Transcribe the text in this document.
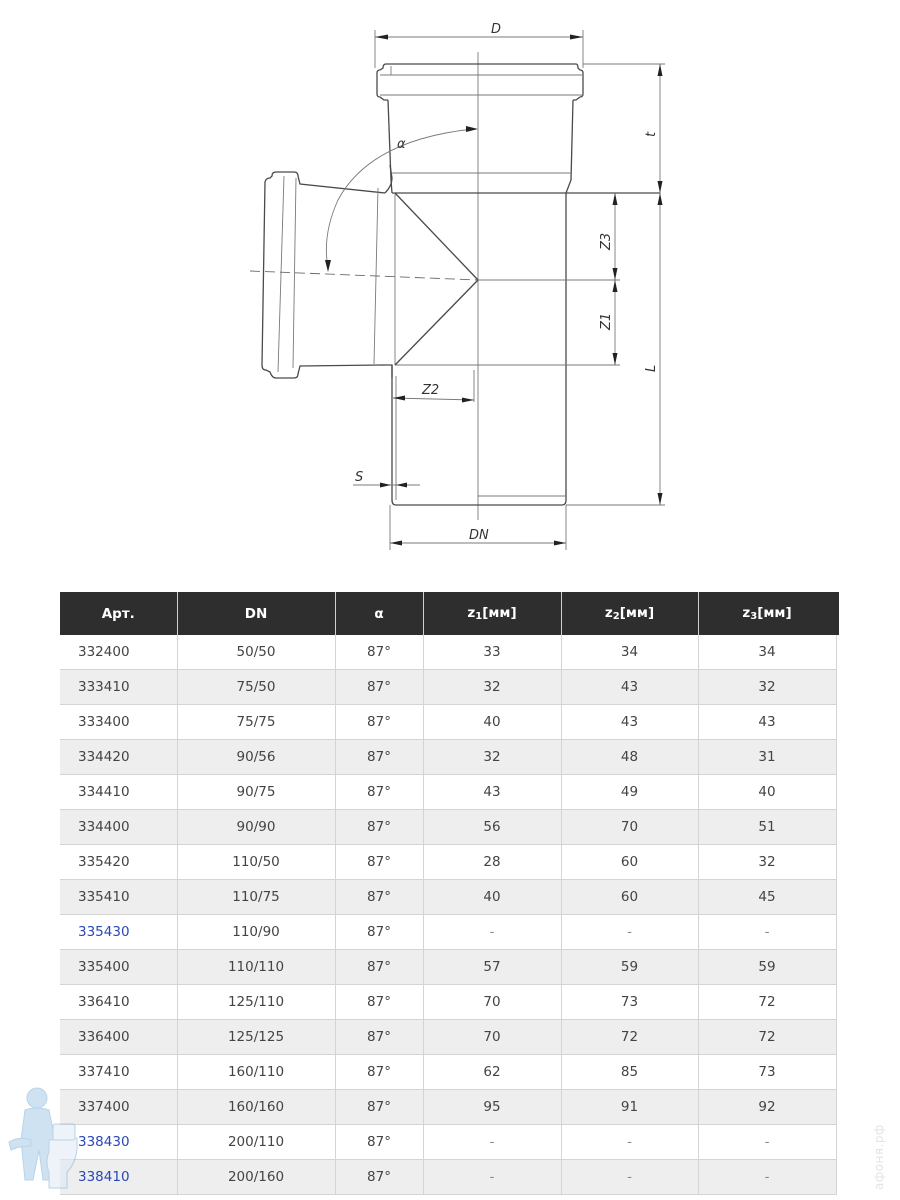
D
α
t
L
Z3
Z1
Z2
S
DN
Арт.	DN	α	$z_1[мм]$	$z_2[мм]$	$z_3[мм]$
332400	50/50	87°	33	34	34
333410	75/50	87°	32	43	32
333400	75/75	87°	40	43	43
334420	90/56	87°	32	48	31
334410	90/75	87°	43	49	40
334400	90/90	87°	56	70	51
335420	110/50	87°	28	60	32
335410	110/75	87°	40	60	45
335430	110/90	87°	-	-	-
335400	110/110	87°	57	59	59
336410	125/110	87°	70	73	72
336400	125/125	87°	70	72	72
337410	160/110	87°	62	85	73
337400	160/160	87°	95	91	92
338430	200/110	87°	-	-	-
338410	200/160	87°	-	-	-	афоня.рф
